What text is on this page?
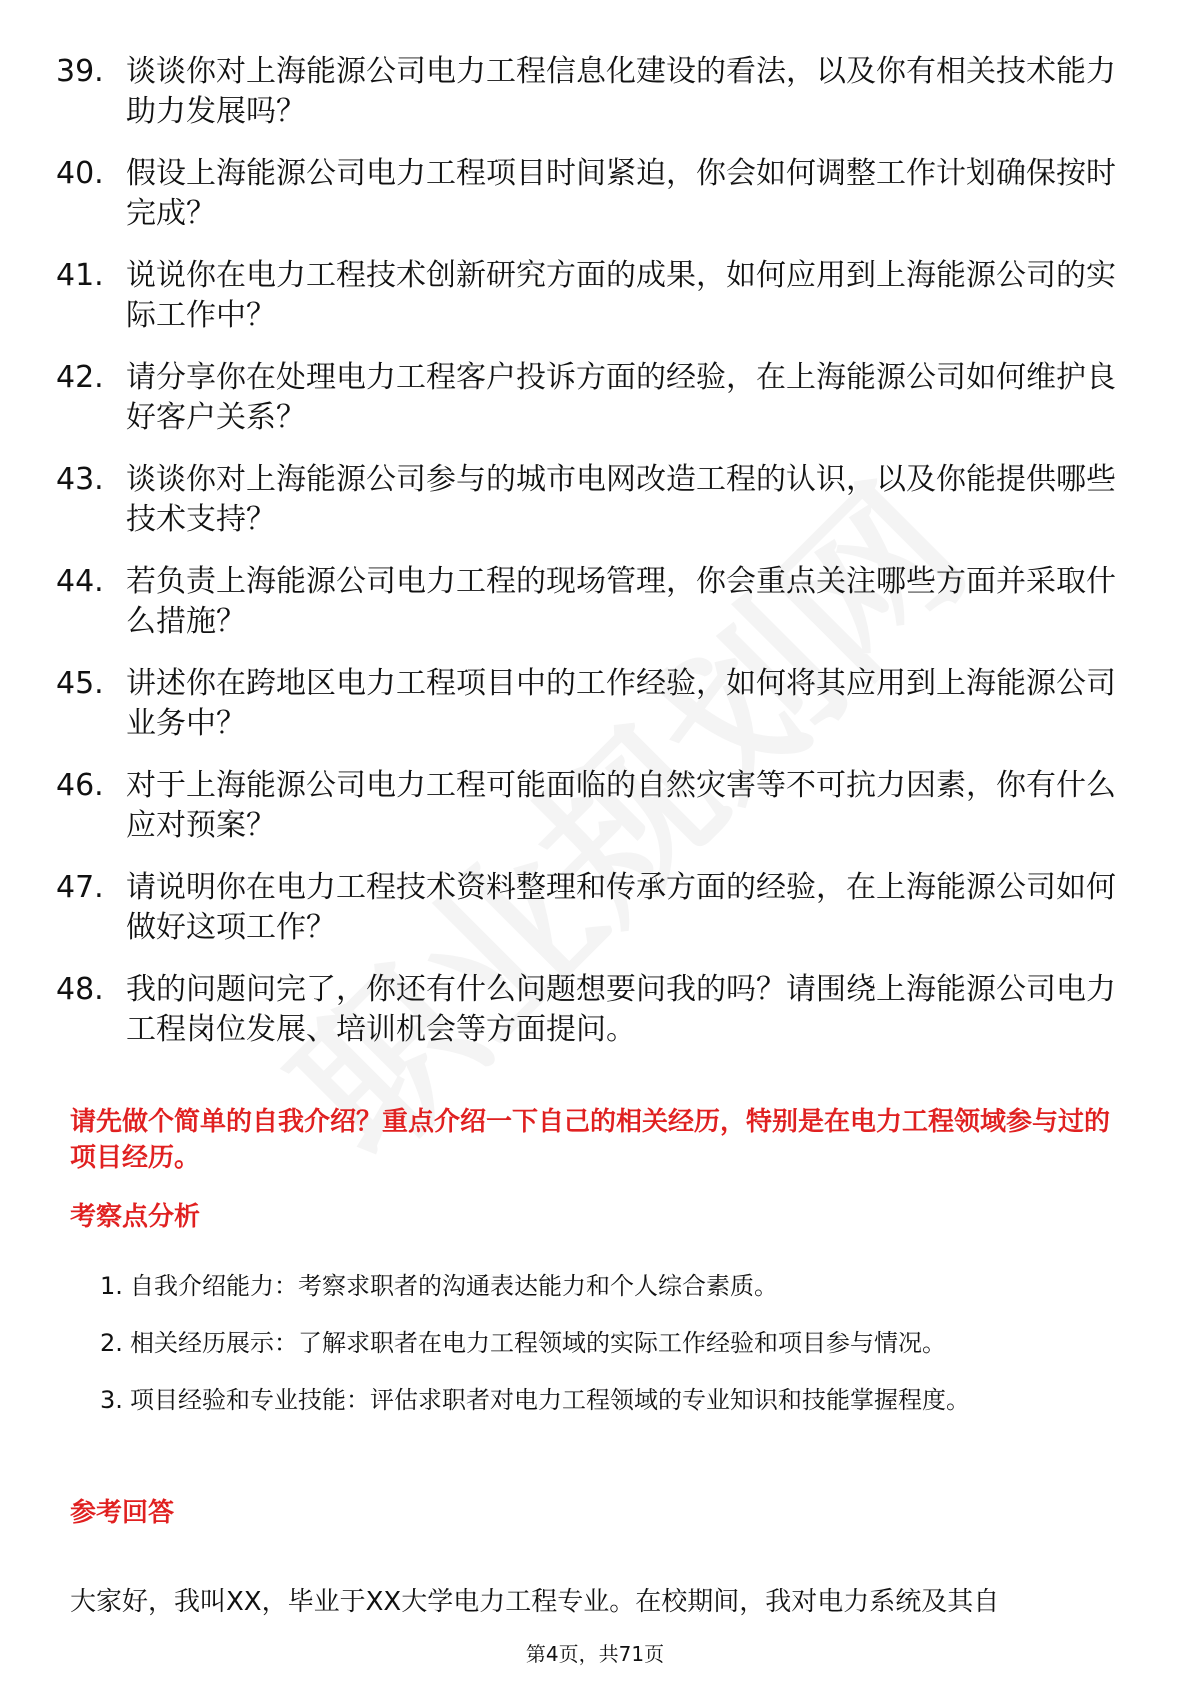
39. 谈谈你对上海能源公司电力工程信息化建设的看法，以及你有相关技术能力助力发展吗？
40. 假设上海能源公司电力工程项目时间紧迫，你会如何调整工作计划确保按时完成？
41. 说说你在电力工程技术创新研究方面的成果，如何应用到上海能源公司的实际工作中？
42. 请分享你在处理电力工程客户投诉方面的经验，在上海能源公司如何维护良好客户关系？
43. 谈谈你对上海能源公司参与的城市电网改造工程的认识，以及你能提供哪些技术支持？
44. 若负责上海能源公司电力工程的现场管理，你会重点关注哪些方面并采取什么措施？
45. 讲述你在跨地区电力工程项目中的工作经验，如何将其应用到上海能源公司业务中？
46. 对于上海能源公司电力工程可能面临的自然灾害等不可抗力因素，你有什么应对预案？
47. 请说明你在电力工程技术资料整理和传承方面的经验，在上海能源公司如何做好这项工作？
48. 我的问题问完了，你还有什么问题想要问我的吗？请围绕上海能源公司电力工程岗位发展、培训机会等方面提问。

请先做个简单的自我介绍？重点介绍一下自己的相关经历，特别是在电力工程领域参与过的项目经历。

考察点分析
1. 自我介绍能力：考察求职者的沟通表达能力和个人综合素质。
2. 相关经历展示：了解求职者在电力工程领域的实际工作经验和项目参与情况。
3. 项目经验和专业技能：评估求职者对电力工程领域的专业知识和技能掌握程度。
参考回答

大家好，我叫XX，毕业于XX大学电力工程专业。在校期间，我对电力系统及其自

第4页，共71页
